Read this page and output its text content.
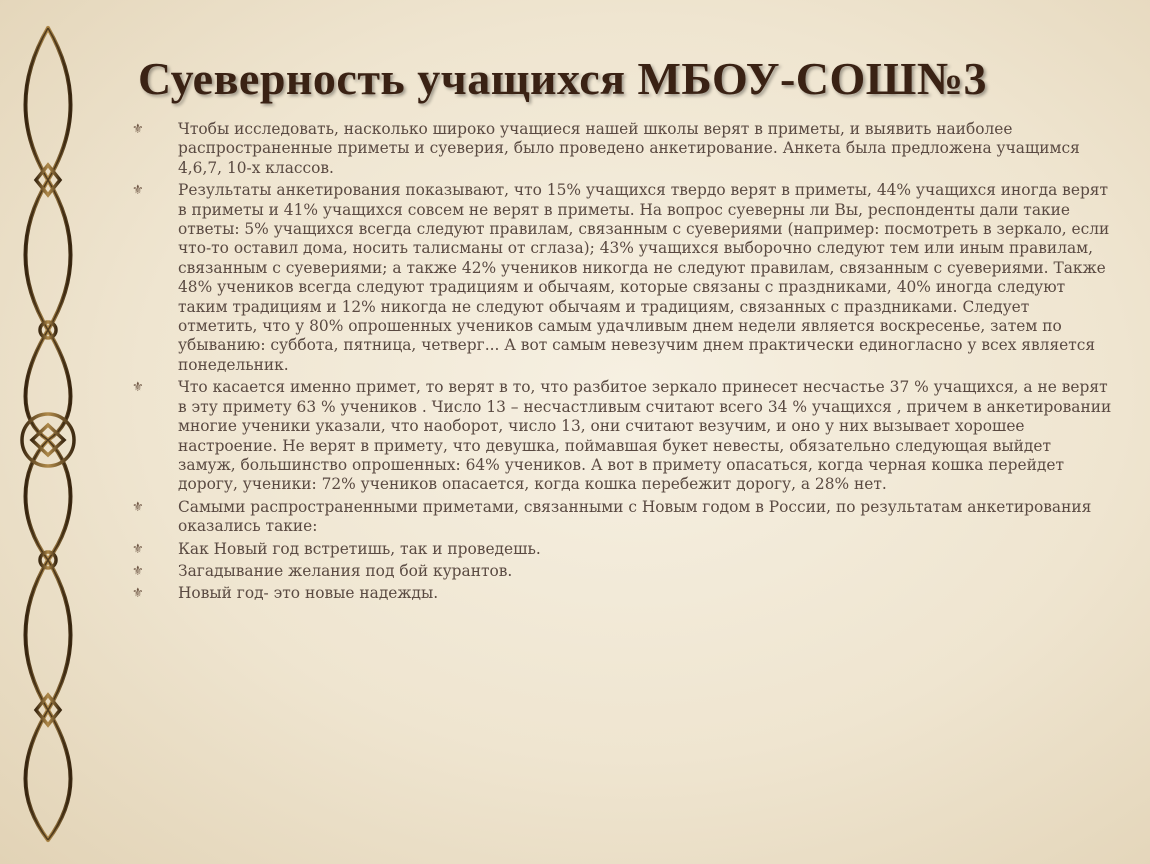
Суеверность учащихся МБОУ-СОШ№3
⚜ Чтобы исследовать, насколько широко учащиеся нашей школы верят в приметы, и выявить наиболее распространенные приметы и суеверия, было проведено анкетирование. Анкета была предложена учащимся 4,6,7, 10-х классов.
⚜ Результаты анкетирования показывают, что 15% учащихся твердо верят в приметы, 44% учащихся иногда верят в приметы и 41% учащихся совсем не верят в приметы. На вопрос суеверны ли Вы, респонденты дали такие ответы: 5% учащихся всегда следуют правилам, связанным с суевериями (например: посмотреть в зеркало, если что-то оставил дома, носить талисманы от сглаза); 43% учащихся выборочно следуют тем или иным правилам, связанным с суевериями; а также 42% учеников никогда не следуют правилам, связанным с суевериями. Также 48% учеников всегда следуют традициям и обычаям, которые связаны с праздниками, 40% иногда следуют таким традициям и 12% никогда не следуют обычаям и традициям, связанных с праздниками. Следует отметить, что у 80% опрошенных учеников самым удачливым днем недели является воскресенье, затем по убыванию: суббота, пятница, четверг... А вот самым невезучим днем практически единогласно у всех является понедельник.
⚜ Что касается именно примет, то верят в то, что разбитое зеркало принесет несчастье 37 % учащихся, а не верят в эту примету 63 % учеников . Число 13 – несчастливым считают всего 34 % учащихся , причем в анкетировании многие ученики указали, что наоборот, число 13, они считают везучим, и оно у них вызывает хорошее настроение. Не верят в примету, что девушка, поймавшая букет невесты, обязательно следующая выйдет замуж, большинство опрошенных: 64% учеников. А вот в примету опасаться, когда черная кошка перейдет дорогу, ученики: 72% учеников опасается, когда кошка перебежит дорогу, а 28% нет.
⚜ Самыми распространенными приметами, связанными с Новым годом в России, по результатам анкетирования оказались такие:
⚜ Как Новый год встретишь, так и проведешь.
⚜ Загадывание желания под бой курантов.
⚜ Новый год- это новые надежды.
